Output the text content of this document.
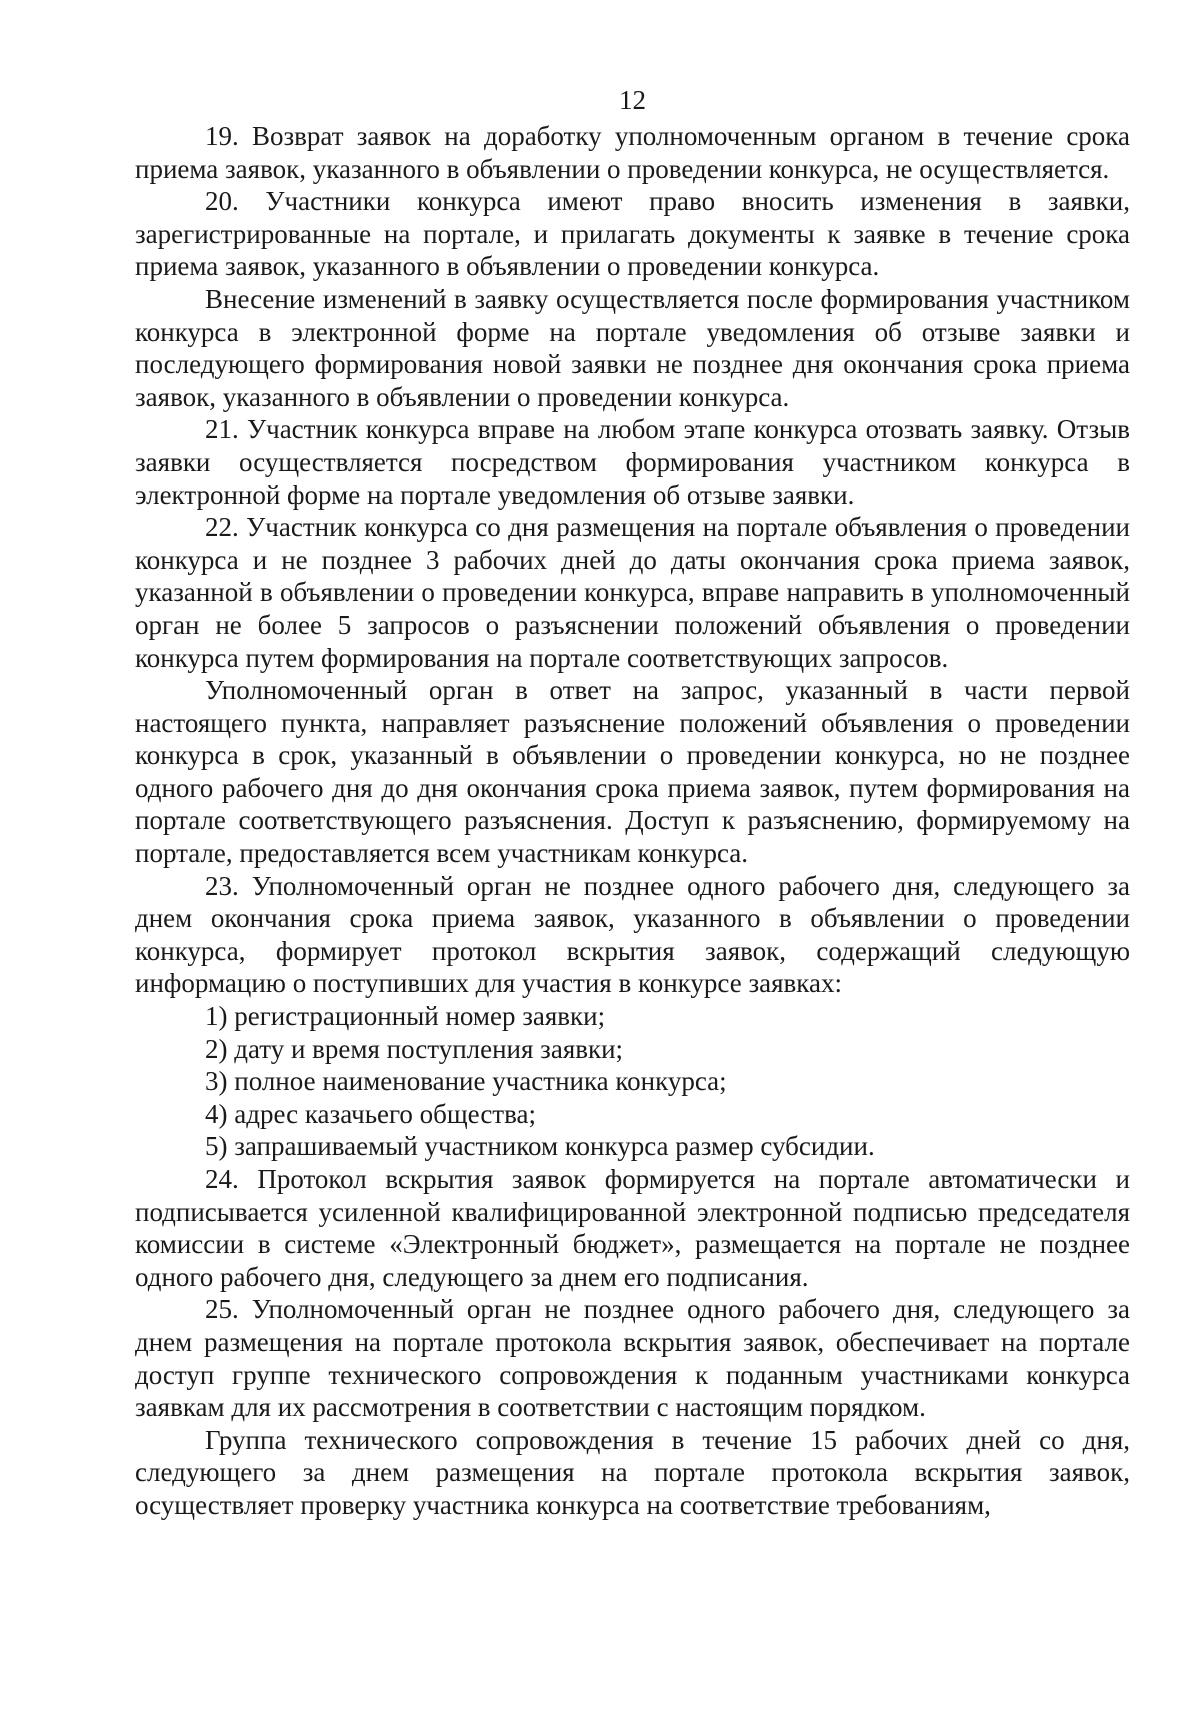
12

19. Возврат заявок на доработку уполномоченным органом в течение срока приема заявок, указанного в объявлении о проведении конкурса, не осуществляется.

20. Участники конкурса имеют право вносить изменения в заявки, зарегистрированные на портале, и прилагать документы к заявке в течение срока приема заявок, указанного в объявлении о проведении конкурса.

Внесение изменений в заявку осуществляется после формирования участником конкурса в электронной форме на портале уведомления об отзыве заявки и последующего формирования новой заявки не позднее дня окончания срока приема заявок, указанного в объявлении о проведении конкурса.

21. Участник конкурса вправе на любом этапе конкурса отозвать заявку. Отзыв заявки осуществляется посредством формирования участником конкурса в электронной форме на портале уведомления об отзыве заявки.

22. Участник конкурса со дня размещения на портале объявления о проведении конкурса и не позднее 3 рабочих дней до даты окончания срока приема заявок, указанной в объявлении о проведении конкурса, вправе направить в уполномоченный орган не более 5 запросов о разъяснении положений объявления о проведении конкурса путем формирования на портале соответствующих запросов.

Уполномоченный орган в ответ на запрос, указанный в части первой настоящего пункта, направляет разъяснение положений объявления о проведении конкурса в срок, указанный в объявлении о проведении конкурса, но не позднее одного рабочего дня до дня окончания срока приема заявок, путем формирования на портале соответствующего разъяснения. Доступ к разъяснению, формируемому на портале, предоставляется всем участникам конкурса.

23. Уполномоченный орган не позднее одного рабочего дня, следующего за днем окончания срока приема заявок, указанного в объявлении о проведении конкурса, формирует протокол вскрытия заявок, содержащий следующую информацию о поступивших для участия в конкурсе заявках:

1) регистрационный номер заявки;

2) дату и время поступления заявки;

3) полное наименование участника конкурса;

4) адрес казачьего общества;

5) запрашиваемый участником конкурса размер субсидии.

24. Протокол вскрытия заявок формируется на портале автоматически и подписывается усиленной квалифицированной электронной подписью председателя комиссии в системе «Электронный бюджет», размещается на портале не позднее одного рабочего дня, следующего за днем его подписания.

25. Уполномоченный орган не позднее одного рабочего дня, следующего за днем размещения на портале протокола вскрытия заявок, обеспечивает на портале доступ группе технического сопровождения к поданным участниками конкурса заявкам для их рассмотрения в соответствии с настоящим порядком.

Группа технического сопровождения в течение 15 рабочих дней со дня, следующего за днем размещения на портале протокола вскрытия заявок, осуществляет проверку участника конкурса на соответствие требованиям,
